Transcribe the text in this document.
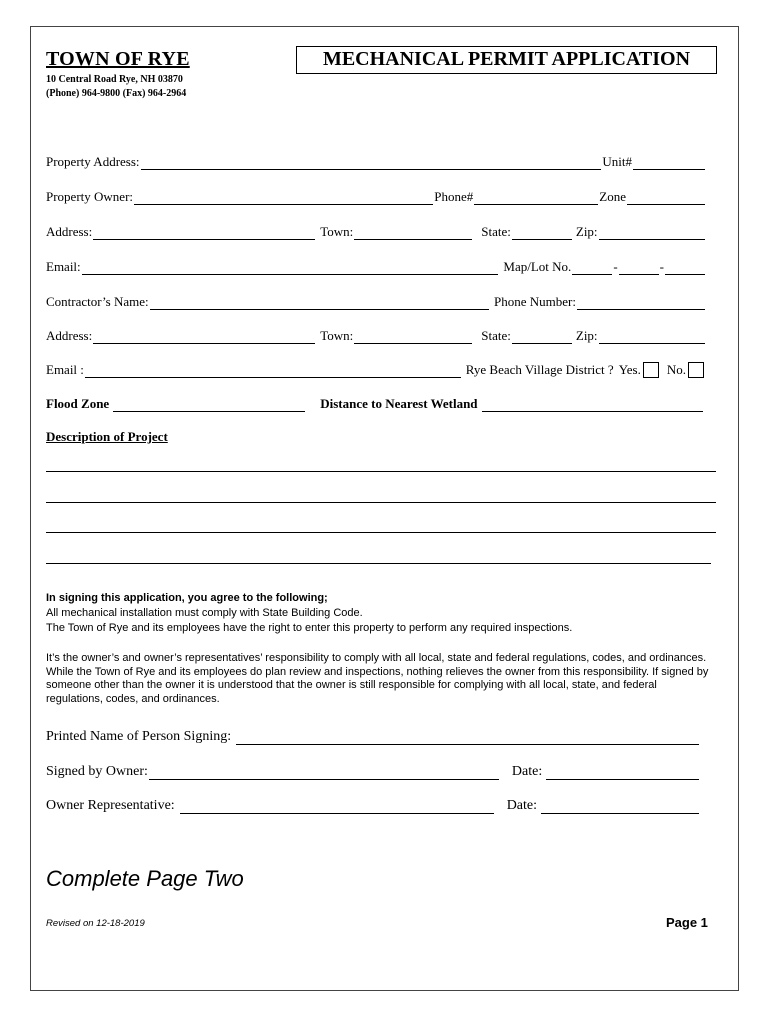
TOWN OF RYE
10 Central Road Rye, NH 03870
(Phone) 964-9800 (Fax) 964-2964
MECHANICAL PERMIT APPLICATION
Property Address:	Unit#
Property Owner:	Phone#	Zone
Address:	Town:	State:	Zip:
Email:	Map/Lot No.	-	-
Contractor’s Name:	Phone Number:
Address:	Town:	State:	Zip:
Email :	Rye Beach Village District ? Yes. No.
Flood Zone	Distance to Nearest Wetland
Description of Project
In signing this application, you agree to the following;
All mechanical installation must comply with State Building Code.
The Town of Rye and its employees have the right to enter this property to perform any required inspections.
It’s the owner’s and owner’s representatives’ responsibility to comply with all local, state and federal regulations, codes, and ordinances. While the Town of Rye and its employees do plan review and inspections, nothing relieves the owner from this responsibility. If signed by someone other than the owner it is understood that the owner is still responsible for complying with all local, state, and federal regulations, codes, and ordinances.
Printed Name of Person Signing:
Signed by Owner:	Date:
Owner Representative:	Date:
Complete Page Two
Revised on 12-18-2019	Page 1
